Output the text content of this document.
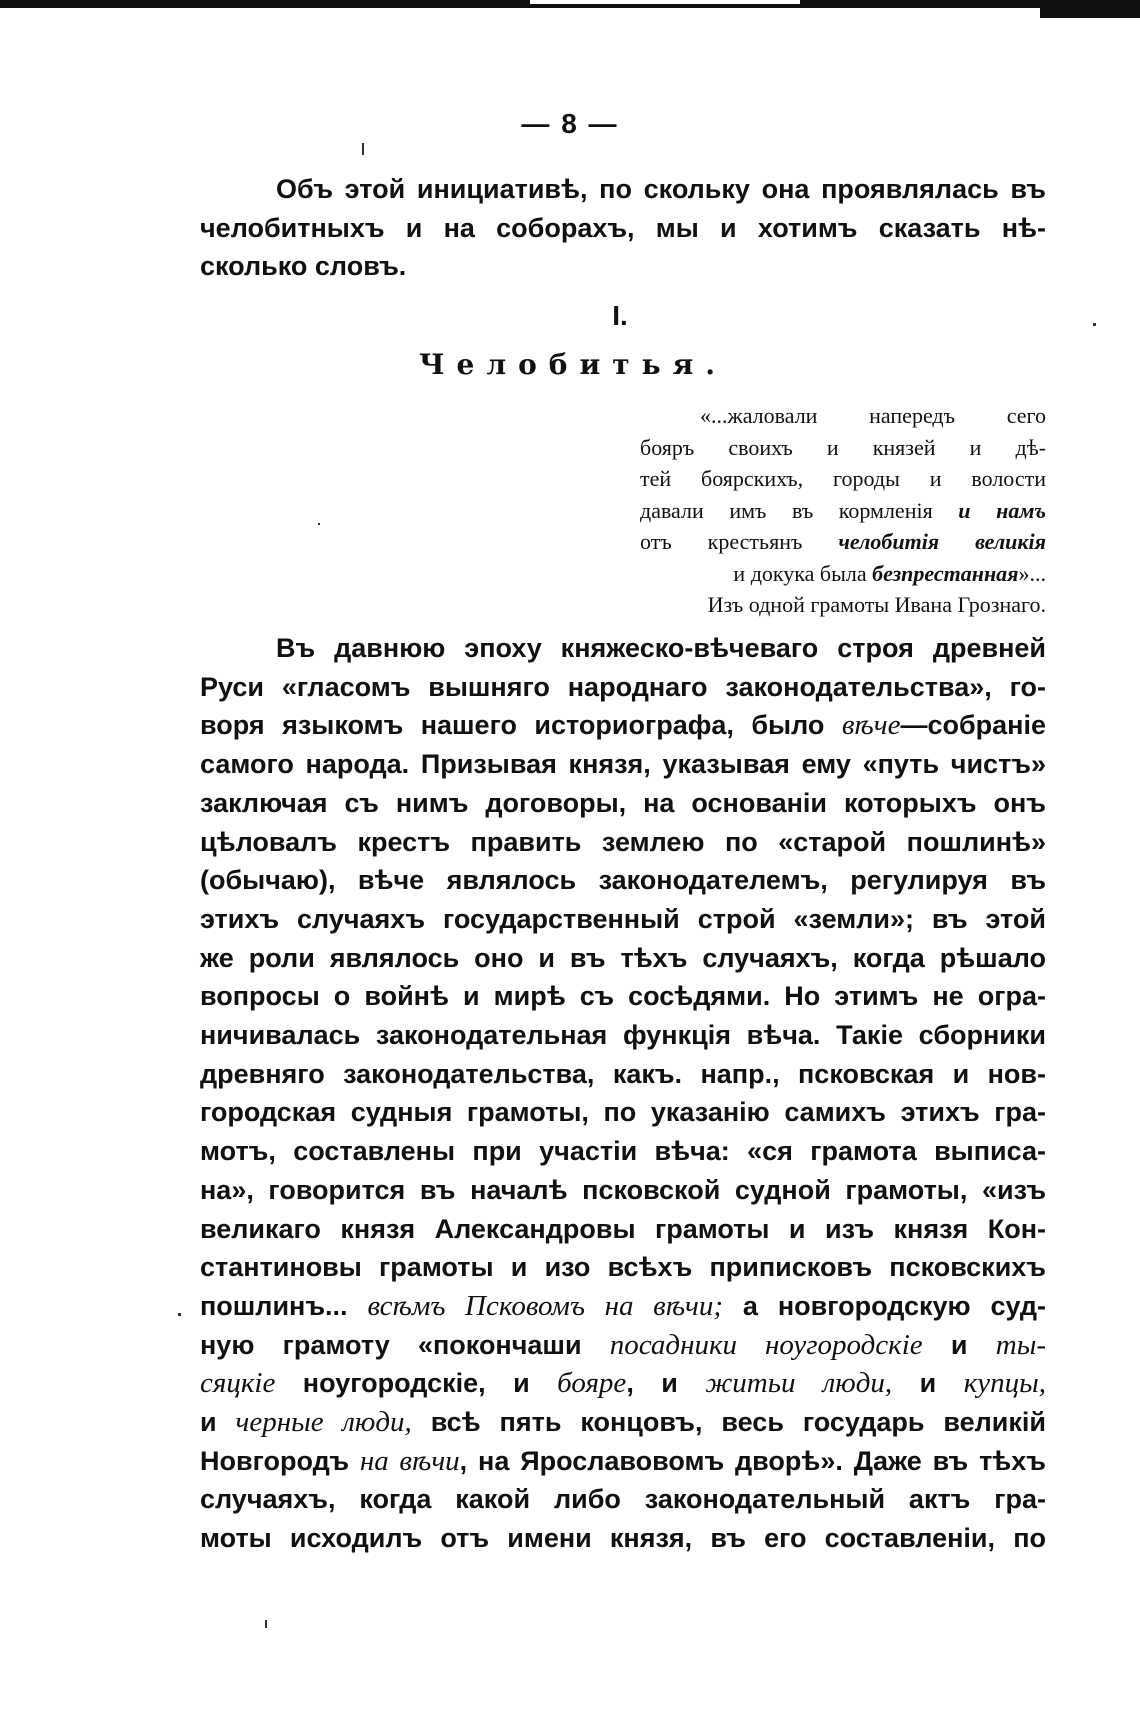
— 8 —
Объ этой инициативѣ, по скольку она проявлялась въ
челобитныхъ и на соборахъ, мы и хотимъ сказать нѣ-
сколько словъ.
I.
Челобитья.
«...жаловали напередъ сего
бояръ своихъ и князей и дѣ-
тей боярскихъ, городы и волости
давали имъ въ кормленія и намъ
отъ крестьянъ челобитія великія
и докука была безпрестанная»...
Изъ одной грамоты Ивана Грознаго.
Въ давнюю эпоху княжеско-вѣчеваго строя древней
Руси «гласомъ вышняго народнаго законодательства», го-
воря языкомъ нашего историографа, было вѣче—собраніе
самого народа. Призывая князя, указывая ему «путь чистъ»
заключая съ нимъ договоры, на основаніи которыхъ онъ
цѣловалъ крестъ править землею по «старой пошлинѣ»
(обычаю), вѣче являлось законодателемъ, регулируя въ
этихъ случаяхъ государственный строй «земли»; въ этой
же роли являлось оно и въ тѣхъ случаяхъ, когда рѣшало
вопросы о войнѣ и мирѣ съ сосѣдями. Но этимъ не огра-
ничивалась законодательная функція вѣча. Такіе сборники
древняго законодательства, какъ. напр., псковская и нов-
городская судныя грамоты, по указанію самихъ этихъ гра-
мотъ, составлены при участіи вѣча: «ся грамота выписа-
на», говорится въ началѣ псковской судной грамоты, «изъ
великаго князя Александровы грамоты и изъ князя Кон-
стантиновы грамоты и изо всѣхъ приписковъ псковскихъ
пошлинъ... всѣмъ Псковомъ на вѣчи; а новгородскую суд-
ную грамоту «покончаши посадники ноугородскіе и ты-
сяцкіе ноугородскіе, и бояре, и житьи люди, и купцы,
и черные люди, всѣ пять концовъ, весь государь великій
Новгородъ на вѣчи, на Ярославовомъ дворѣ». Даже въ тѣхъ
случаяхъ, когда какой либо законодательный актъ гра-
моты исходилъ отъ имени князя, въ его составленіи, по
